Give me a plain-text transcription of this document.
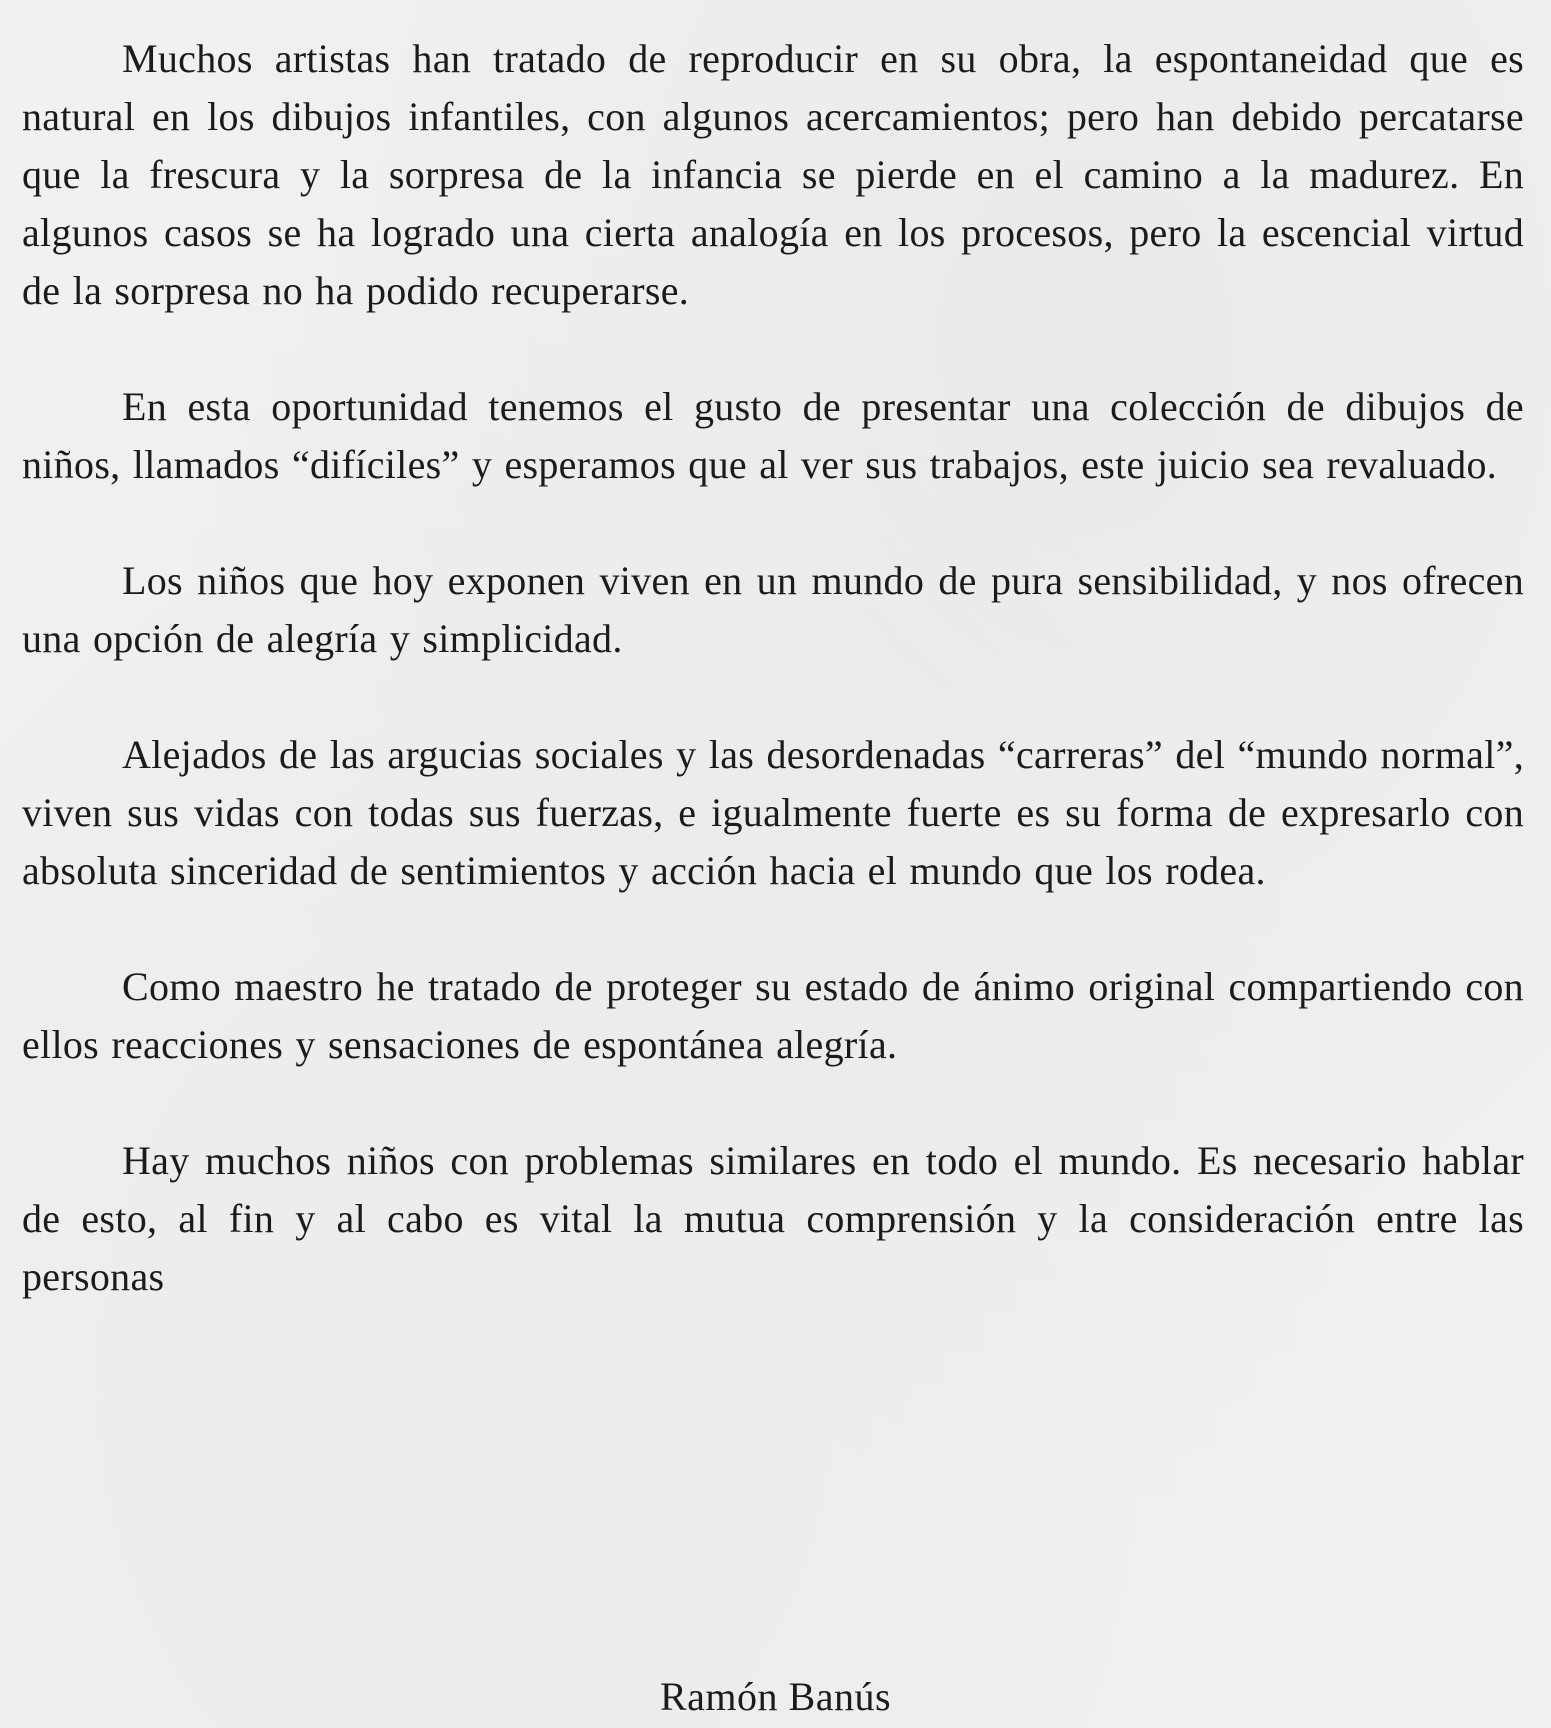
Muchos artistas han tratado de reproducir en su obra, la espontaneidad que es natural en los dibujos infantiles, con algunos acercamientos; pero han debido percatarse que la frescura y la sorpresa de la infancia se pierde en el camino a la madurez. En algunos casos se ha logrado una cierta analogía en los procesos, pero la escencial virtud de la sorpresa no ha podido recuperarse.

En esta oportunidad tenemos el gusto de presentar una colección de dibujos de niños, llamados “difíciles” y esperamos que al ver sus trabajos, este juicio sea revaluado.

Los niños que hoy exponen viven en un mundo de pura sensibilidad, y nos ofrecen una opción de alegría y simplicidad.

Alejados de las argucias sociales y las desordenadas “carreras” del “mundo normal”, viven sus vidas con todas sus fuerzas, e igualmente fuerte es su forma de expresarlo con absoluta sinceridad de sentimientos y acción hacia el mundo que los rodea.

Como maestro he tratado de proteger su estado de ánimo original compartiendo con ellos reacciones y sensaciones de espontánea alegría.

Hay muchos niños con problemas similares en todo el mundo. Es necesario hablar de esto, al fin y al cabo es vital la mutua comprensión y la consideración entre las personas

Ramón Banús
